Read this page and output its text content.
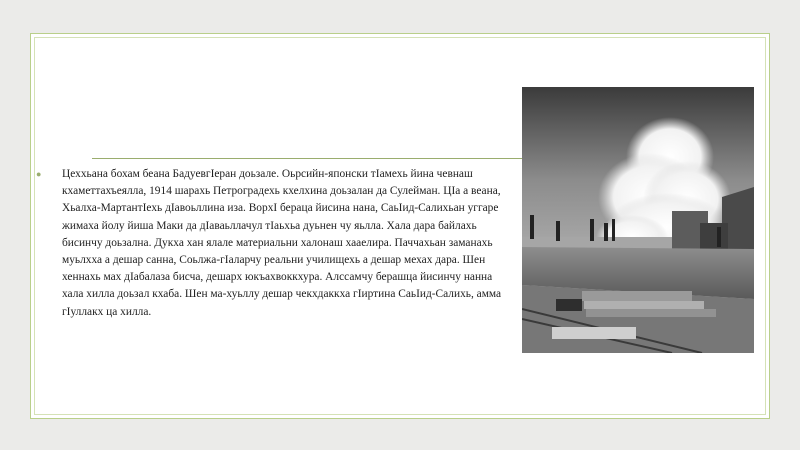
● Цеххьана бохам беана БадуевгIеран доьзале. Оьрсийн-японски тIамехь йина чевнаш кхаметтахъеялла, 1914 шарахь Петроградехь кхелхина доьзалан да Сулейман. ЦIа а веана, Хьалха-МартантIехь дIавоьллина иза. ВорхI бераца йисина нана, СаьIид-Салихьан уггаре жимаха йолу йиша Маки да дIаваьллачул тIаьхьа дуьнен чу яьлла. Хала дара байлахь бисинчу доьзална. Дукха хан ялале материальни халонаш хааелира. Паччахьан заманахь муьлхха а дешар санна, Соьлжа-гIаларчу реальни училищехь а дешар мехах дара. Шен хеннахь мах дIабалаза бисча, дешарх юкъахвоккхура. Алссамчу берашца йисинчу нанна хала хилла доьзал кхаба. Шен ма-хуьллу дешар чекхдаккха гIиртина СаьIид-Салихь, амма гIуллакх ца хилла.
